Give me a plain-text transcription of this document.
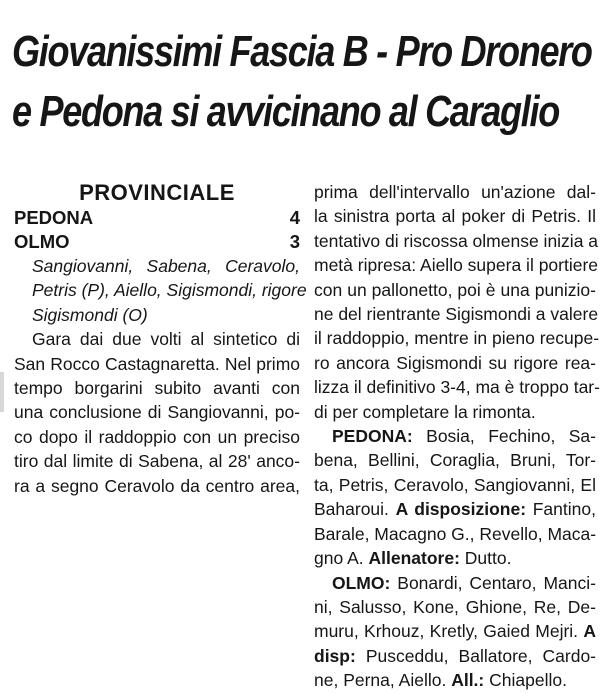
Giovanissimi Fascia B - Pro Dronero
e Pedona si avvicinano al Caraglio
PROVINCIALE
PEDONA	4
OLMO	3
Sangiovanni, Sabena, Ceravolo,
Petris (P), Aiello, Sigismondi, rigore
Sigismondi (O)
Gara dai due volti al sintetico di
San Rocco Castagnaretta. Nel primo
tempo borgarini subito avanti con
una conclusione di Sangiovanni, po-
co dopo il raddoppio con un preciso
tiro dal limite di Sabena, al 28' anco-
ra a segno Ceravolo da centro area,
prima dell'intervallo un'azione dal-
la sinistra porta al poker di Petris. Il
tentativo di riscossa olmense inizia a
metà ripresa: Aiello supera il portiere
con un pallonetto, poi è una punizio-
ne del rientrante Sigismondi a valere
il raddoppio, mentre in pieno recupe-
ro ancora Sigismondi su rigore rea-
lizza il definitivo 3-4, ma è troppo tar-
di per completare la rimonta.
PEDONA: Bosia, Fechino, Sa-
bena, Bellini, Coraglia, Bruni, Tor-
ta, Petris, Ceravolo, Sangiovanni, El
Baharoui. A disposizione: Fantino,
Barale, Macagno G., Revello, Maca-
gno A. Allenatore: Dutto.
OLMO: Bonardi, Centaro, Manci-
ni, Salusso, Kone, Ghione, Re, De-
muru, Krhouz, Kretly, Gaied Mejri. A
disp: Pusceddu, Ballatore, Cardo-
ne, Perna, Aiello. All.: Chiapello.
